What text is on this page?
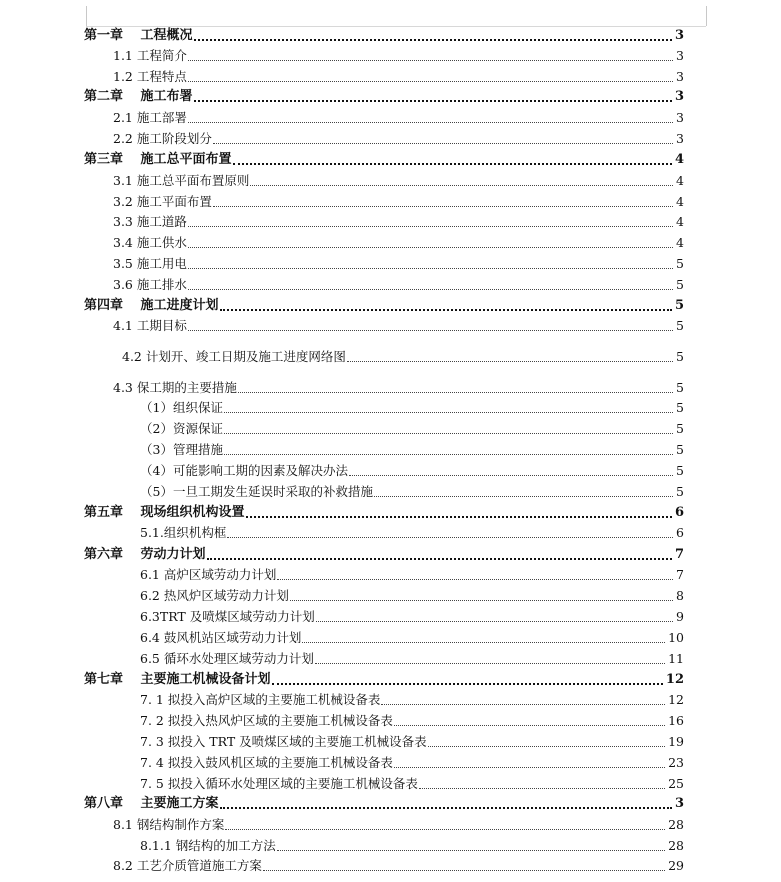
第一章　 工程概况	3
1.1 工程简介	3
1.2 工程特点	3
第二章　 施工布署	3
2.1 施工部署	3
2.2 施工阶段划分	3
第三章　 施工总平面布置	4
3.1 施工总平面布置原则	4
3.2 施工平面布置	4
3.3 施工道路	4
3.4 施工供水	4
3.5 施工用电	5
3.6 施工排水	5
第四章　 施工进度计划	5
4.1 工期目标	5
4.2 计划开、竣工日期及施工进度网络图	5
4.3 保工期的主要措施	5
（1）组织保证	5
（2）资源保证	5
（3）管理措施	5
（4）可能影响工期的因素及解决办法	5
（5）一旦工期发生延误时采取的补救措施	5
第五章　 现场组织机构设置	6
5.1.组织机构框	6
第六章　 劳动力计划	7
6.1 高炉区域劳动力计划	7
6.2 热风炉区域劳动力计划	8
6.3TRT 及喷煤区域劳动力计划	9
6.4 鼓风机站区域劳动力计划	10
6.5 循环水处理区域劳动力计划	11
第七章　 主要施工机械设备计划	12
7. 1 拟投入高炉区域的主要施工机械设备表	12
7. 2 拟投入热风炉区域的主要施工机械设备表	16
7. 3 拟投入 TRT 及喷煤区域的主要施工机械设备表	19
7. 4 拟投入鼓风机区域的主要施工机械设备表	23
7. 5 拟投入循环水处理区域的主要施工机械设备表	25
第八章　 主要施工方案	3
8.1 钢结构制作方案	28
8.1.1 钢结构的加工方法	28
8.2 工艺介质管道施工方案	29
